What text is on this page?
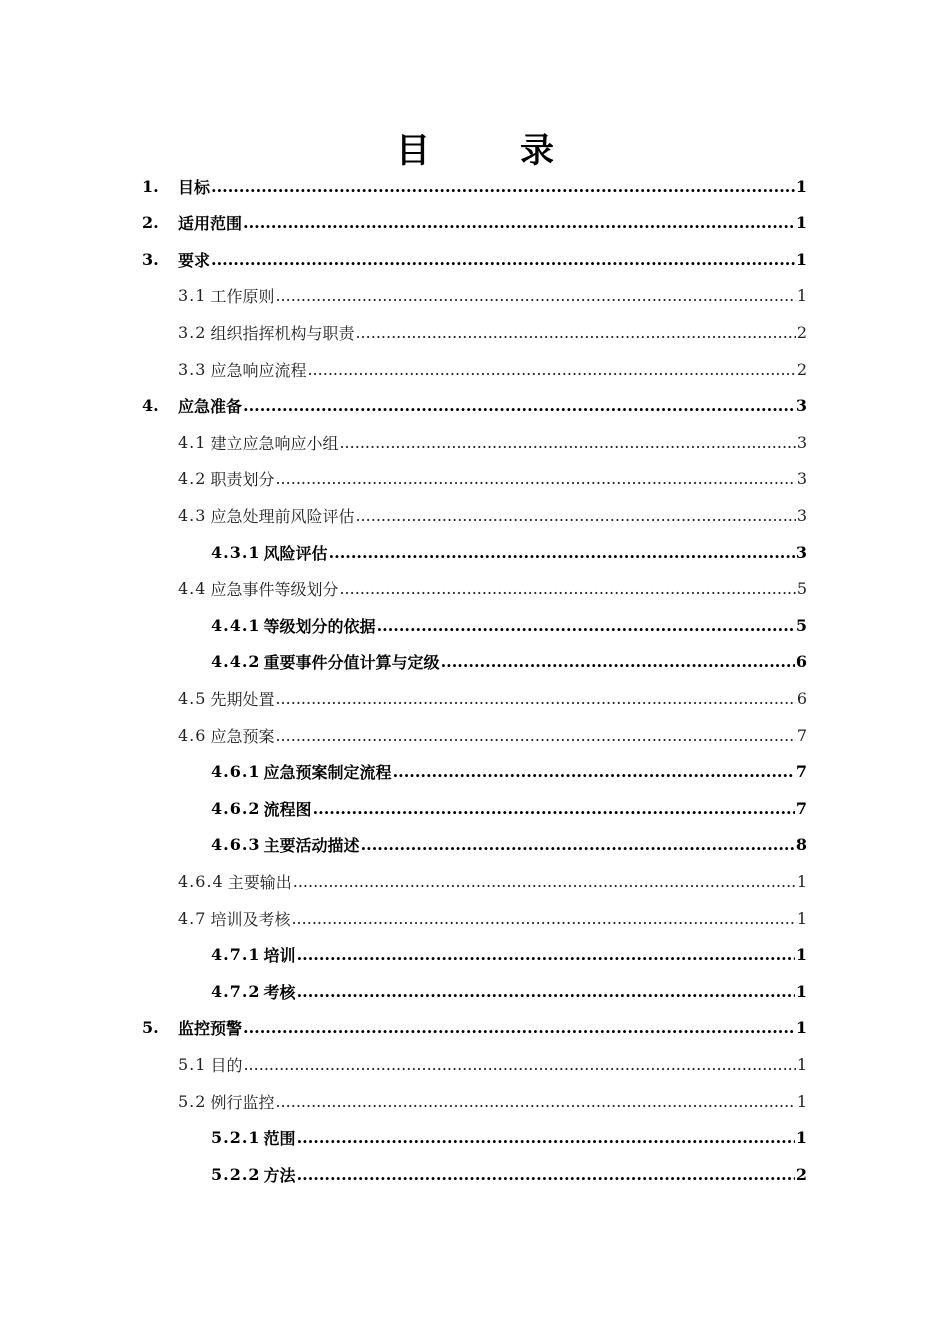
目　录
1.	目标 .....	1
2.	适用范围 .....	1
3.	要求 .....	1
3.1 工作原则 .....	1
3.2 组织指挥机构与职责 .....	2
3.3 应急响应流程 .....	2
4.	应急准备 .....	3
4.1 建立应急响应小组 .....	3
4.2 职责划分 .....	3
4.3 应急处理前风险评估 .....	3
4.3.1 风险评估 .....	3
4.4 应急事件等级划分 .....	5
4.4.1 等级划分的依据 .....	5
4.4.2 重要事件分值计算与定级 .....	6
4.5 先期处置 .....	6
4.6 应急预案 .....	7
4.6.1 应急预案制定流程 .....	7
4.6.2 流程图 .....	7
4.6.3 主要活动描述 .....	8
4.6.4 主要输出 .....	1
4.7 培训及考核 .....	1
4.7.1 培训 .....	1
4.7.2 考核 .....	1
5.	监控预警 .....	1
5.1 目的 .....	1
5.2 例行监控 .....	1
5.2.1 范围 .....	1
5.2.2 方法 .....	2
